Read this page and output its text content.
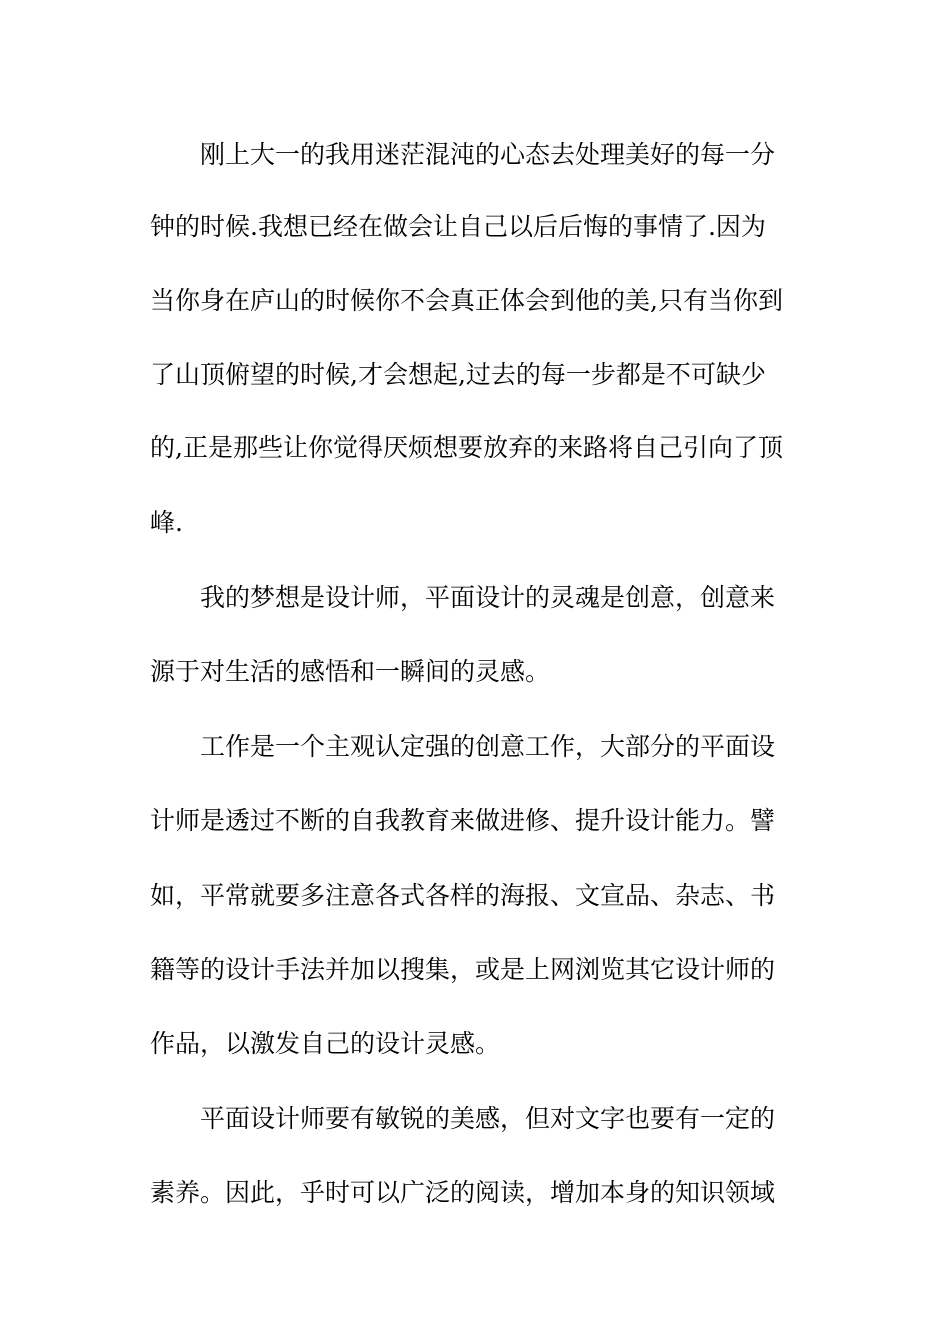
刚上大一的我用迷茫混沌的心态去处理美好的每一分
钟的时候.我想已经在做会让自己以后后悔的事情了.因为
当你身在庐山的时候你不会真正体会到他的美,只有当你到
了山顶俯望的时候,才会想起,过去的每一步都是不可缺少
的,正是那些让你觉得厌烦想要放弃的来路将自己引向了顶
峰.
我的梦想是设计师，平面设计的灵魂是创意，创意来
源于对生活的感悟和一瞬间的灵感。
工作是一个主观认定强的创意工作，大部分的平面设
计师是透过不断的自我教育来做进修、提升设计能力。譬
如，平常就要多注意各式各样的海报、文宣品、杂志、书
籍等的设计手法并加以搜集，或是上网浏览其它设计师的
作品，以激发自己的设计灵感。
平面设计师要有敏锐的美感，但对文字也要有一定的
素养。因此，乎时可以广泛的阅读，增加本身的知识领域
